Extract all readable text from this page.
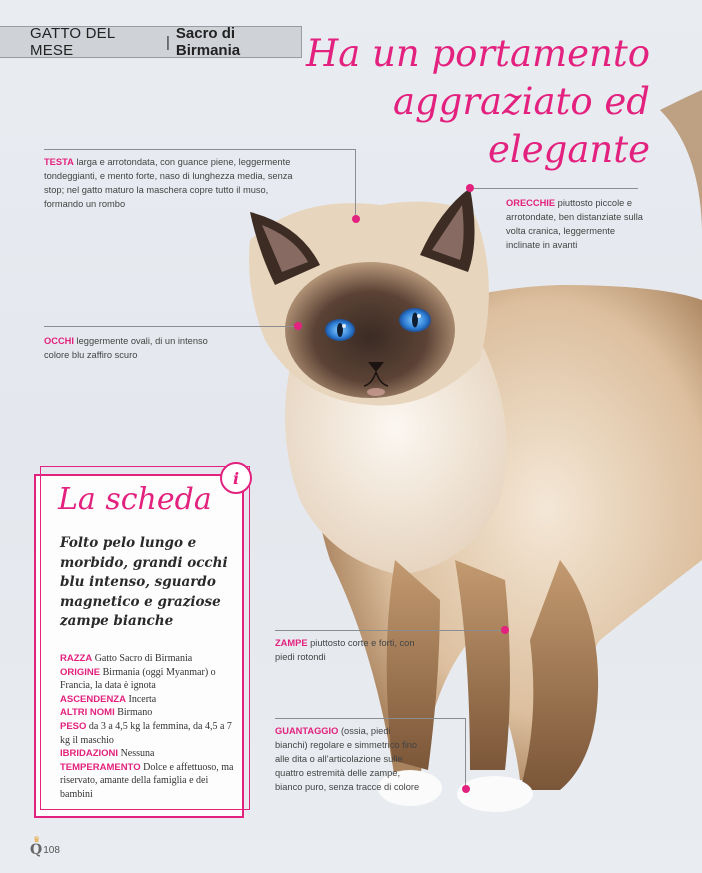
GATTO DEL MESE	| Sacro di Birmania	Ha un portamento aggraziato ed elegante
TESTA larga e arrotondata, con guance piene, leggermente tondeggianti, e mento forte, naso di lunghezza media, senza stop; nel gatto maturo la maschera copre tutto il muso, formando un rombo	ORECCHIE piuttosto piccole e arrotondate, ben distanziate sulla volta cranica, leggermente inclinate in avanti
OCCHI leggermente ovali, di un intenso colore blu zaffiro scuro
ZAMPE piuttosto corte e forti, con piedi rotondi
GUANTAGGIO (ossia, piedi bianchi) regolare e simmetrico fino alle dita o all’articolazione sulle quattro estremità delle zampe, bianco puro, senza tracce di colore
i
La scheda
Folto pelo lungo e morbido, grandi occhi blu intenso, sguardo magnetico e graziose zampe bianche
RAZZA Gatto Sacro di Birmania
ORIGINE Birmania (oggi Myanmar) o Francia, la data è ignota
ASCENDENZA Incerta
ALTRI NOMI Birmano
PESO da 3 a 4,5 kg la femmina, da 4,5 a 7 kg il maschio
IBRIDAZIONI Nessuna
TEMPERAMENTO Dolce e affettuoso, ma riservato, amante della famiglia e dei bambini
♛
Q 108
